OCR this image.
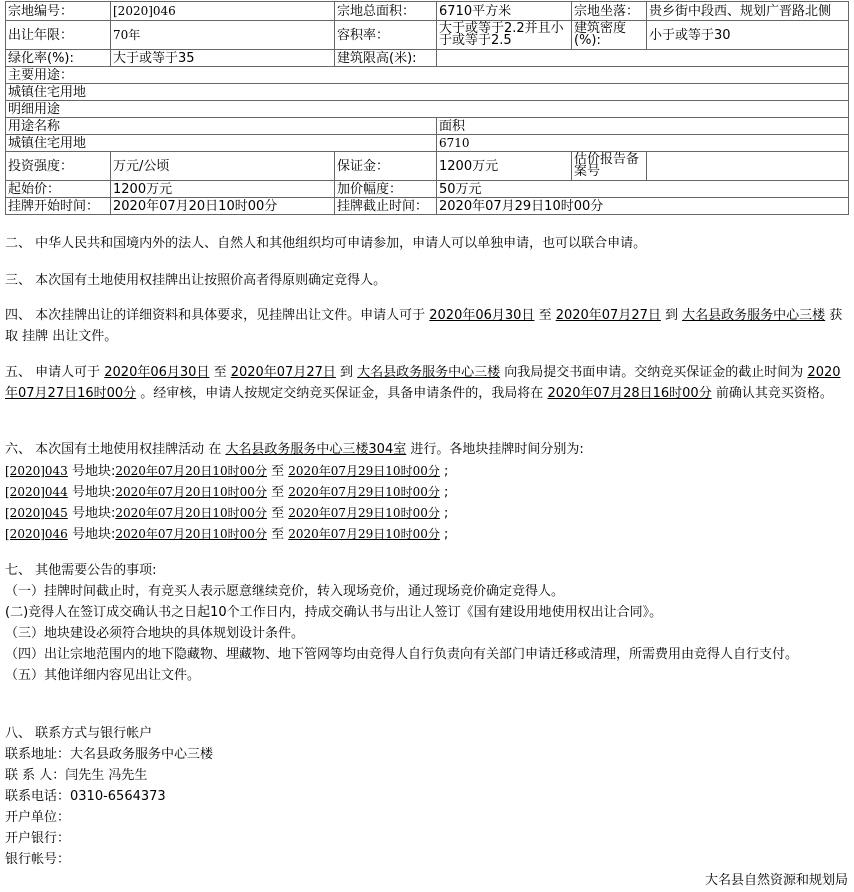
宗地编号：	[2020]046	宗地总面积：	6710平方米	宗地坐落：	贵乡街中段西、规划广晋路北侧
出让年限：	70年	容积率：	大于或等于2.2并且小于或等于2.5	建筑密度(%):	小于或等于30
绿化率(%):	大于或等于35	建筑限高(米):			
主要用途：					
城镇住宅用地					
明细用途					
用途名称			面积		
城镇住宅用地			6710		
投资强度：	万元/公顷	保证金：	1200万元	估价报告备案号	
起始价：	1200万元	加价幅度：	50万元		
挂牌开始时间：	2020年07月20日10时00分	挂牌截止时间：	2020年07月29日10时00分		
二、 中华人民共和国境内外的法人、自然人和其他组织均可申请参加，申请人可以单独申请，也可以联合申请。
三、 本次国有土地使用权挂牌出让按照价高者得原则确定竞得人。
四、 本次挂牌出让的详细资料和具体要求，见挂牌出让文件。申请人可于 2020年06月30日 至 2020年07月27日 到 大名县政务服务中心三楼 获取 挂牌 出让文件。
五、 申请人可于 2020年06月30日 至 2020年07月27日 到 大名县政务服务中心三楼 向我局提交书面申请。交纳竞买保证金的截止时间为 2020年07月27日16时00分 。经审核，申请人按规定交纳竞买保证金，具备申请条件的，我局将在 2020年07月28日16时00分 前确认其竞买资格。
六、 本次国有土地使用权挂牌活动 在 大名县政务服务中心三楼304室 进行。各地块挂牌时间分别为:
[2020]043 号地块:2020年07月20日10时00分 至 2020年07月29日10时00分 ;
[2020]044 号地块:2020年07月20日10时00分 至 2020年07月29日10时00分 ;
[2020]045 号地块:2020年07月20日10时00分 至 2020年07月29日10时00分 ;
[2020]046 号地块:2020年07月20日10时00分 至 2020年07月29日10时00分 ;
七、 其他需要公告的事项:
（一）挂牌时间截止时，有竞买人表示愿意继续竞价，转入现场竞价，通过现场竞价确定竞得人。
(二)竞得人在签订成交确认书之日起10个工作日内，持成交确认书与出让人签订《国有建设用地使用权出让合同》。
（三）地块建设必须符合地块的具体规划设计条件。
（四）出让宗地范围内的地下隐藏物、埋藏物、地下管网等均由竞得人自行负责向有关部门申请迁移或清理，所需费用由竞得人自行支付。
（五）其他详细内容见出让文件。
八、 联系方式与银行帐户
联系地址：大名县政务服务中心三楼
联 系 人：闫先生 冯先生
联系电话：0310-6564373
开户单位：
开户银行：
银行帐号：
大名县自然资源和规划局
